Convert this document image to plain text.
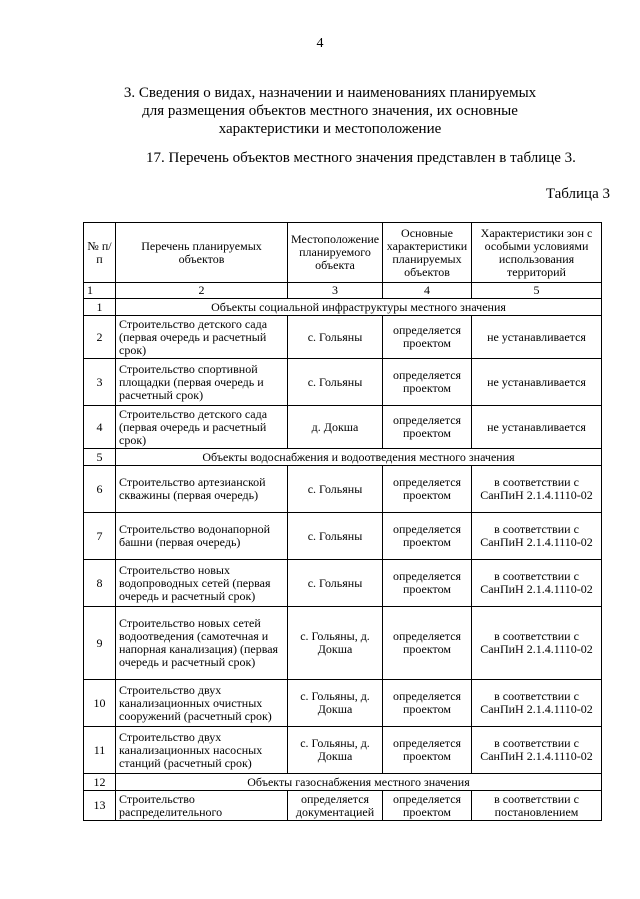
4
3. Сведения о видах, назначении и наименованиях планируемых
для размещения объектов местного значения, их основные
характеристики и местоположение
17. Перечень объектов местного значения представлен в таблице 3.
Таблица 3
№ п/п	Перечень планируемых объектов	Местоположение планируемого объекта	Основные характеристики планируемых объектов	Характеристики зон с особыми условиями использования территорий
1	2	3	4	5
1	Объекты социальной инфраструктуры местного значения			
2	Строительство детского сада (первая очередь и расчетный срок)	с. Гольяны	определяется проектом	не устанавливается
3	Строительство спортивной площадки (первая очередь и расчетный срок)	с. Гольяны	определяется проектом	не устанавливается
4	Строительство детского сада (первая очередь и расчетный срок)	д. Докша	определяется проектом	не устанавливается
5	Объекты водоснабжения и водоотведения местного значения			
6	Строительство артезианской скважины (первая очередь)	с. Гольяны	определяется проектом	в соответствии с СанПиН 2.1.4.1110-02
7	Строительство водонапорной башни (первая очередь)	с. Гольяны	определяется проектом	в соответствии с СанПиН 2.1.4.1110-02
8	Строительство новых водопроводных сетей (первая очередь и расчетный срок)	с. Гольяны	определяется проектом	в соответствии с СанПиН 2.1.4.1110-02
9	Строительство новых сетей водоотведения (самотечная и напорная канализация) (первая очередь и расчетный срок)	с. Гольяны, д. Докша	определяется проектом	в соответствии с СанПиН 2.1.4.1110-02
10	Строительство двух канализационных очистных сооружений (расчетный срок)	с. Гольяны, д. Докша	определяется проектом	в соответствии с СанПиН 2.1.4.1110-02
11	Строительство двух канализационных насосных станций (расчетный срок)	с. Гольяны, д. Докша	определяется проектом	в соответствии с СанПиН 2.1.4.1110-02
12	Объекты газоснабжения местного значения			
13	Строительство распределительного	определяется документацией	определяется проектом	в соответствии с постановлением
